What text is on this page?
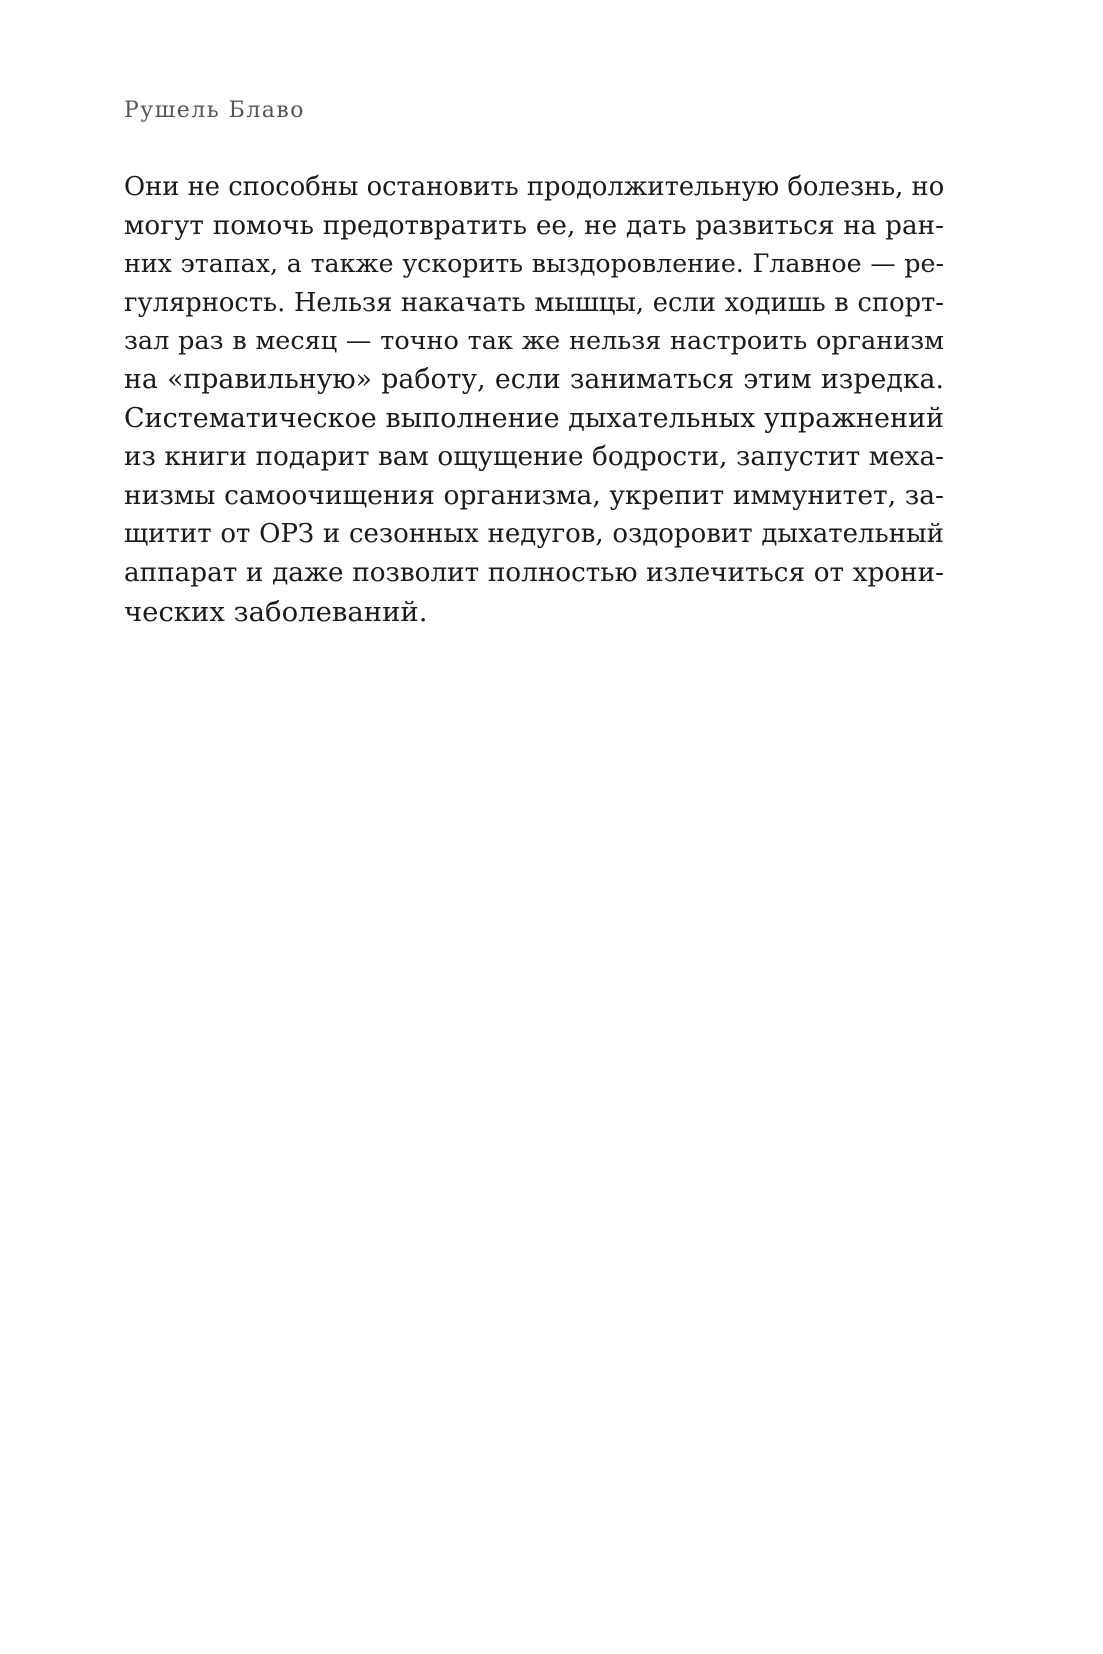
Рушель Блаво
Они не способны остановить продолжительную болезнь, но
могут помочь предотвратить ее, не дать развиться на ран-
них этапах, а также ускорить выздоровление. Главное — ре-
гулярность. Нельзя накачать мышцы, если ходишь в спорт-
зал раз в месяц — точно так же нельзя настроить организм
на «правильную» работу, если заниматься этим изредка.
Систематическое выполнение дыхательных упражнений
из книги подарит вам ощущение бодрости, запустит меха-
низмы самоочищения организма, укрепит иммунитет, за-
щитит от ОРЗ и сезонных недугов, оздоровит дыхательный
аппарат и даже позволит полностью излечиться от хрони-
ческих заболеваний.
